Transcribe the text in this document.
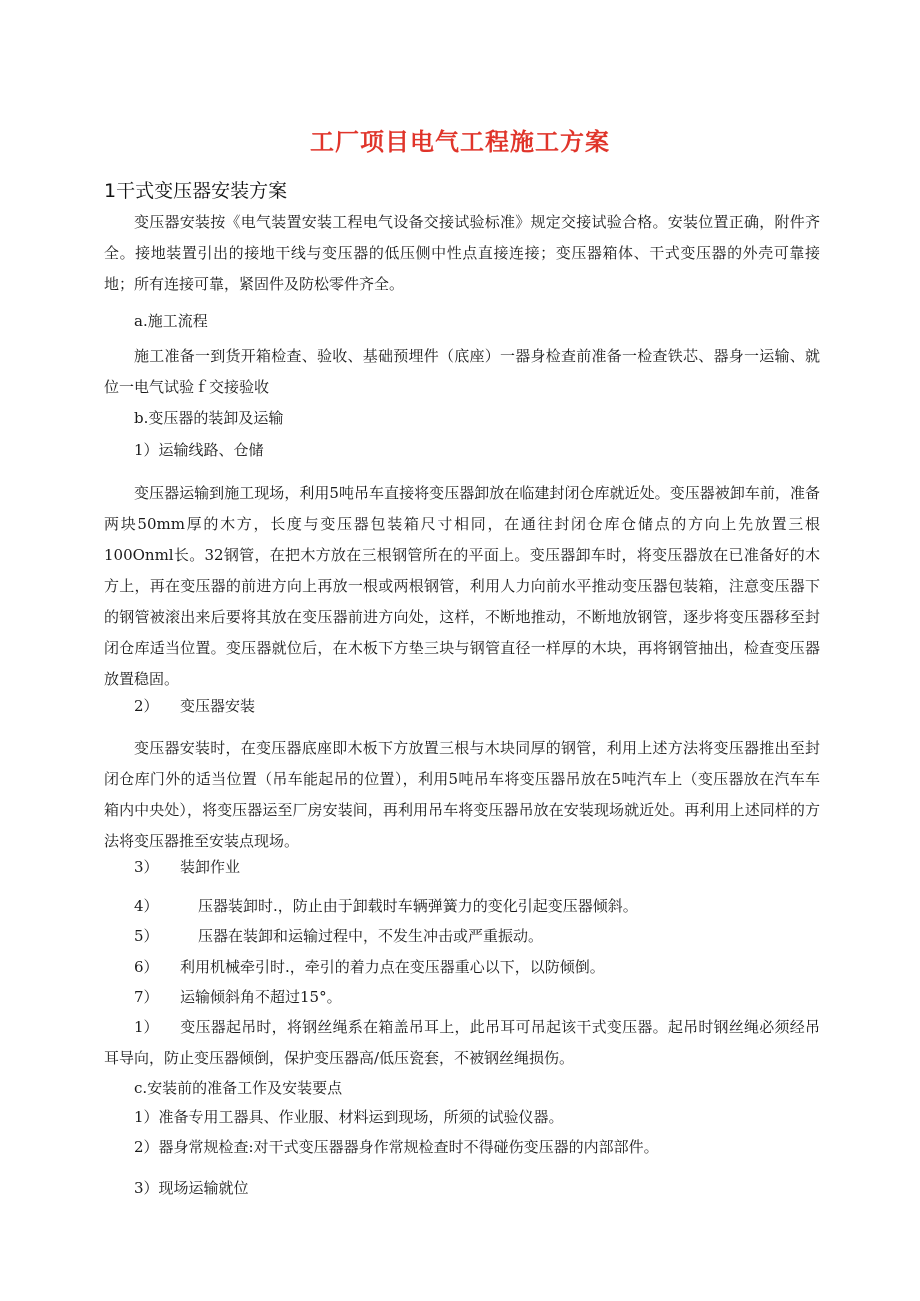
工厂项目电气工程施工方案
1干式变压器安装方案

变压器安装按《电气装置安装工程电气设备交接试验标准》规定交接试验合格。安装位置正确，附件齐全。接地装置引出的接地干线与变压器的低压侧中性点直接连接；变压器箱体、干式变压器的外壳可靠接地；所有连接可靠，紧固件及防松零件齐全。

a.施工流程

施工准备一到货开箱检查、验收、基础预埋件（底座）一器身检查前准备一检查铁芯、器身一运输、就位一电气试验ｆ交接验收

b.变压器的装卸及运输

1）运输线路、仓储

变压器运输到施工现场，利用5吨吊车直接将变压器卸放在临建封闭仓库就近处。变压器被卸车前，准备两块50mm厚的木方，长度与变压器包装箱尺寸相同，在通往封闭仓库仓储点的方向上先放置三根100Onml长。32钢管，在把木方放在三根钢管所在的平面上。变压器卸车时，将变压器放在已准备好的木方上，再在变压器的前进方向上再放一根或两根钢管，利用人力向前水平推动变压器包装箱，注意变压器下的钢管被滚出来后要将其放在变压器前进方向处，这样，不断地推动，不断地放钢管，逐步将变压器移至封闭仓库适当位置。变压器就位后，在木板下方垫三块与钢管直径一样厚的木块，再将钢管抽出，检查变压器放置稳固。

2） 变压器安装

变压器安装时，在变压器底座即木板下方放置三根与木块同厚的钢管，利用上述方法将变压器推出至封闭仓库门外的适当位置（吊车能起吊的位置），利用5吨吊车将变压器吊放在5吨汽车上（变压器放在汽车车箱内中央处），将变压器运至厂房安装间，再利用吊车将变压器吊放在安装现场就近处。再利用上述同样的方法将变压器推至安装点现场。

3） 装卸作业

4）	压器装卸时.，防止由于卸载时车辆弹簧力的变化引起变压器倾斜。

5）	压器在装卸和运输过程中，不发生冲击或严重振动。

6） 利用机械牵引时.，牵引的着力点在变压器重心以下，以防倾倒。

7） 运输倾斜角不超过15°。

1） 变压器起吊时，将钢丝绳系在箱盖吊耳上，此吊耳可吊起该干式变压器。起吊时钢丝绳必须经吊耳导向，防止变压器倾倒，保护变压器高/低压瓷套，不被钢丝绳损伤。

c.安装前的准备工作及安装要点

1）准备专用工器具、作业服、材料运到现场，所须的试验仪器。

2）器身常规检查:对干式变压器器身作常规检查时不得碰伤变压器的内部部件。

3）现场运输就位
